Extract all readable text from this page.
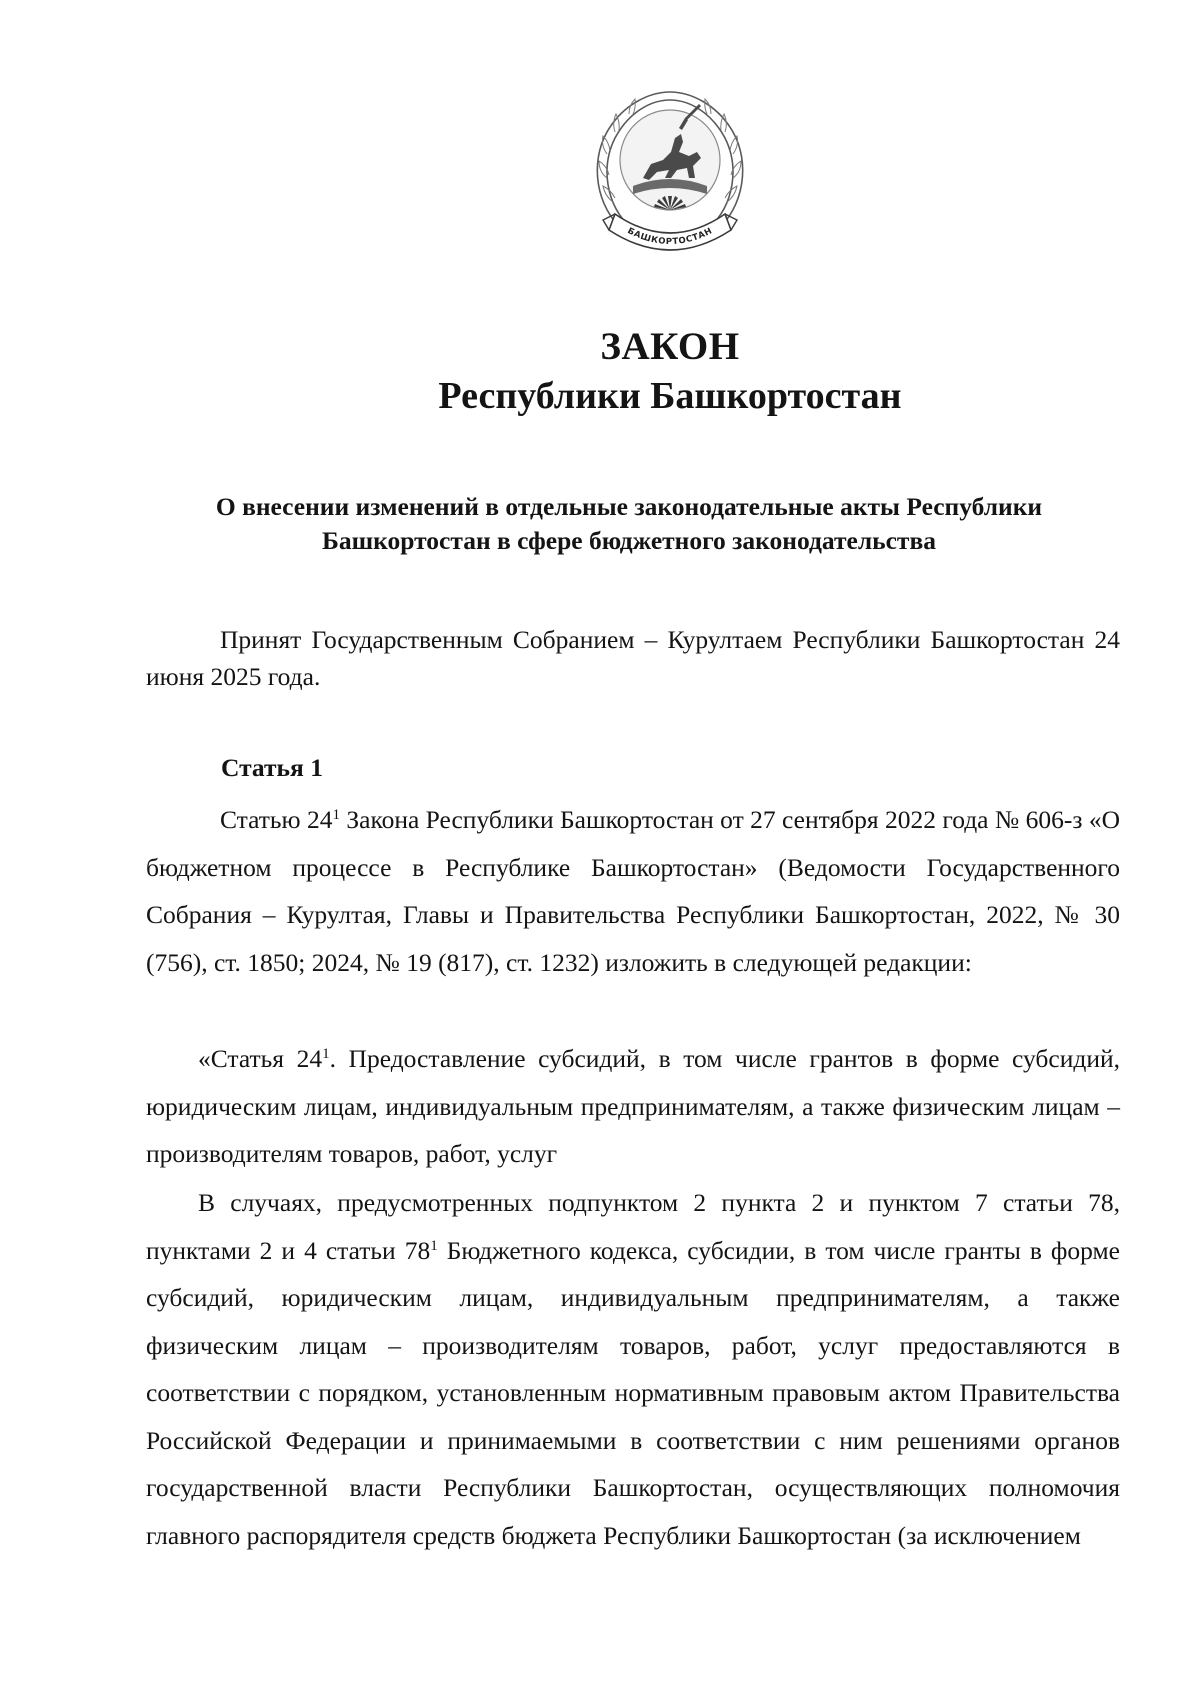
БАШКОРТОСТАН
ЗАКОН
Республики Башкортостан
О внесении изменений в отдельные законодательные акты Республики Башкортостан в сфере бюджетного законодательства
Принят Государственным Собранием – Курултаем Республики Башкортостан 24 июня 2025 года.
Статья 1
Статью $24^1$ Закона Республики Башкортостан от 27 сентября 2022 года № 606-з «О бюджетном процессе в Республике Башкортостан» (Ведомости Государственного Собрания – Курултая, Главы и Правительства Республики Башкортостан, 2022, № 30 (756), ст. 1850; 2024, № 19 (817), ст. 1232) изложить в следующей редакции:
«Статья $24^1$. Предоставление субсидий, в том числе грантов в форме субсидий, юридическим лицам, индивидуальным предпринимателям, а также физическим лицам – производителям товаров, работ, услуг
В случаях, предусмотренных подпунктом 2 пункта 2 и пунктом 7 статьи 78, пунктами 2 и 4 статьи $78^1$ Бюджетного кодекса, субсидии, в том числе гранты в форме субсидий, юридическим лицам, индивидуальным предпринимателям, а также физическим лицам – производителям товаров, работ, услуг предоставляются в соответствии с порядком, установленным нормативным правовым актом Правительства Российской Федерации и принимаемыми в соответствии с ним решениями органов государственной власти Республики Башкортостан, осуществляющих полномочия главного распорядителя средств бюджета Республики Башкортостан (за исключением
